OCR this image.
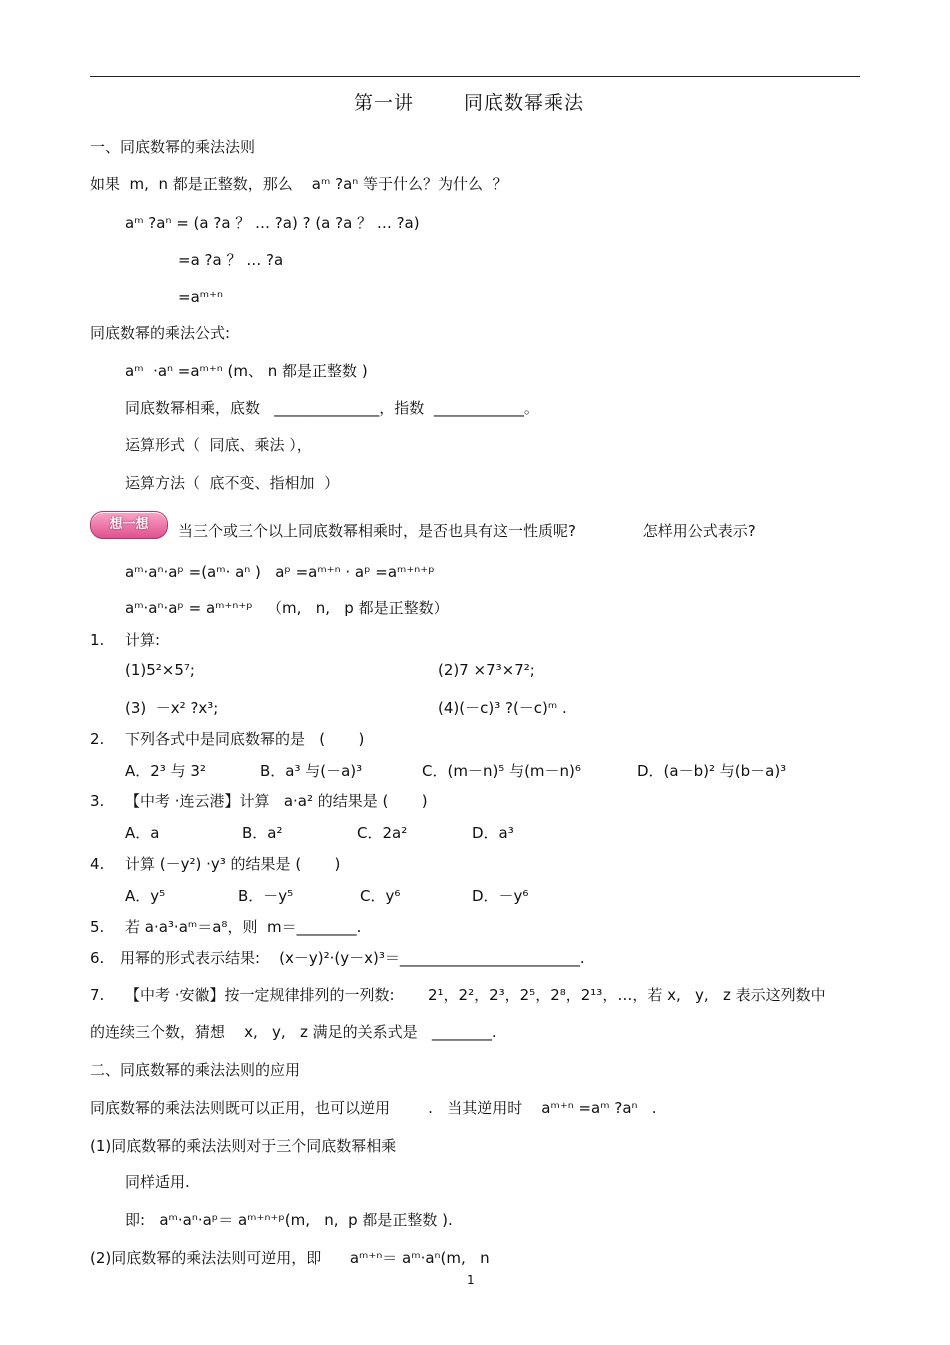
第一讲	同底数幂乘法
一、同底数幂的乘法法则
如果  m,  n 都是正整数，那么    aᵐ ?aⁿ 等于什么？为什么  ？
aᵐ ?aⁿ = (a ?a ？ … ?a) ? (a ?a ？ … ?a)
=a ?a ？ … ?a
=aᵐ⁺ⁿ
同底数幂的乘法公式:
aᵐ  ·aⁿ =aᵐ⁺ⁿ (m、 n 都是正整数 )
同底数幂相乘，底数   ______________，指数  ____________。
运算形式（  同底、乘法 ），
运算方法（  底不变、指相加  ）
想一想	当三个或三个以上同底数幂相乘时，是否也具有这一性质呢?              怎样用公式表示?
aᵐ·aⁿ·aᵖ =(aᵐ· aⁿ )   aᵖ =aᵐ⁺ⁿ · aᵖ =aᵐ⁺ⁿ⁺ᵖ
aᵐ·aⁿ·aᵖ = aᵐ⁺ⁿ⁺ᵖ   （m,   n,   p 都是正整数）
1. 计算:
(1)5²×5⁷;	(2)7 ×7³×7²;
(3)  －x² ?x³;	(4)(－c)³ ?(－c)ᵐ .
2. 下列各式中是同底数幂的是   (       )
A．2³ 与 3²	B．a³ 与(－a)³	C．(m－n)⁵ 与(m－n)⁶	D．(a－b)² 与(b－a)³
3. 【中考 ·连云港】计算   a·a² 的结果是 (       )
A．a	B．a²	C．2a²	D．a³
4. 计算 (－y²) ·y³ 的结果是 (       )
A．y⁵	B．－y⁵	C．y⁶	D．－y⁶
5. 若 a·a³·aᵐ＝a⁸，则  m＝________.
6. 用幂的形式表示结果:    (x－y)²·(y－x)³＝________________________.
7. 【中考 ·安徽】按一定规律排列的一列数:       2¹，2²，2³，2⁵，2⁸，2¹³，…，若 x,   y,   z 表示这列数中
的连续三个数，猜想    x,   y,   z 满足的关系式是   ________.
二、同底数幂的乘法法则的应用
同底数幂的乘法法则既可以正用，也可以逆用        .   当其逆用时    aᵐ⁺ⁿ =aᵐ ?aⁿ   .
(1)同底数幂的乘法法则对于三个同底数幂相乘
同样适用.
即:   aᵐ·aⁿ·aᵖ＝ aᵐ⁺ⁿ⁺ᵖ(m,   n,  p 都是正整数 ).
(2)同底数幂的乘法法则可逆用，即      aᵐ⁺ⁿ＝ aᵐ·aⁿ(m,   n
1
